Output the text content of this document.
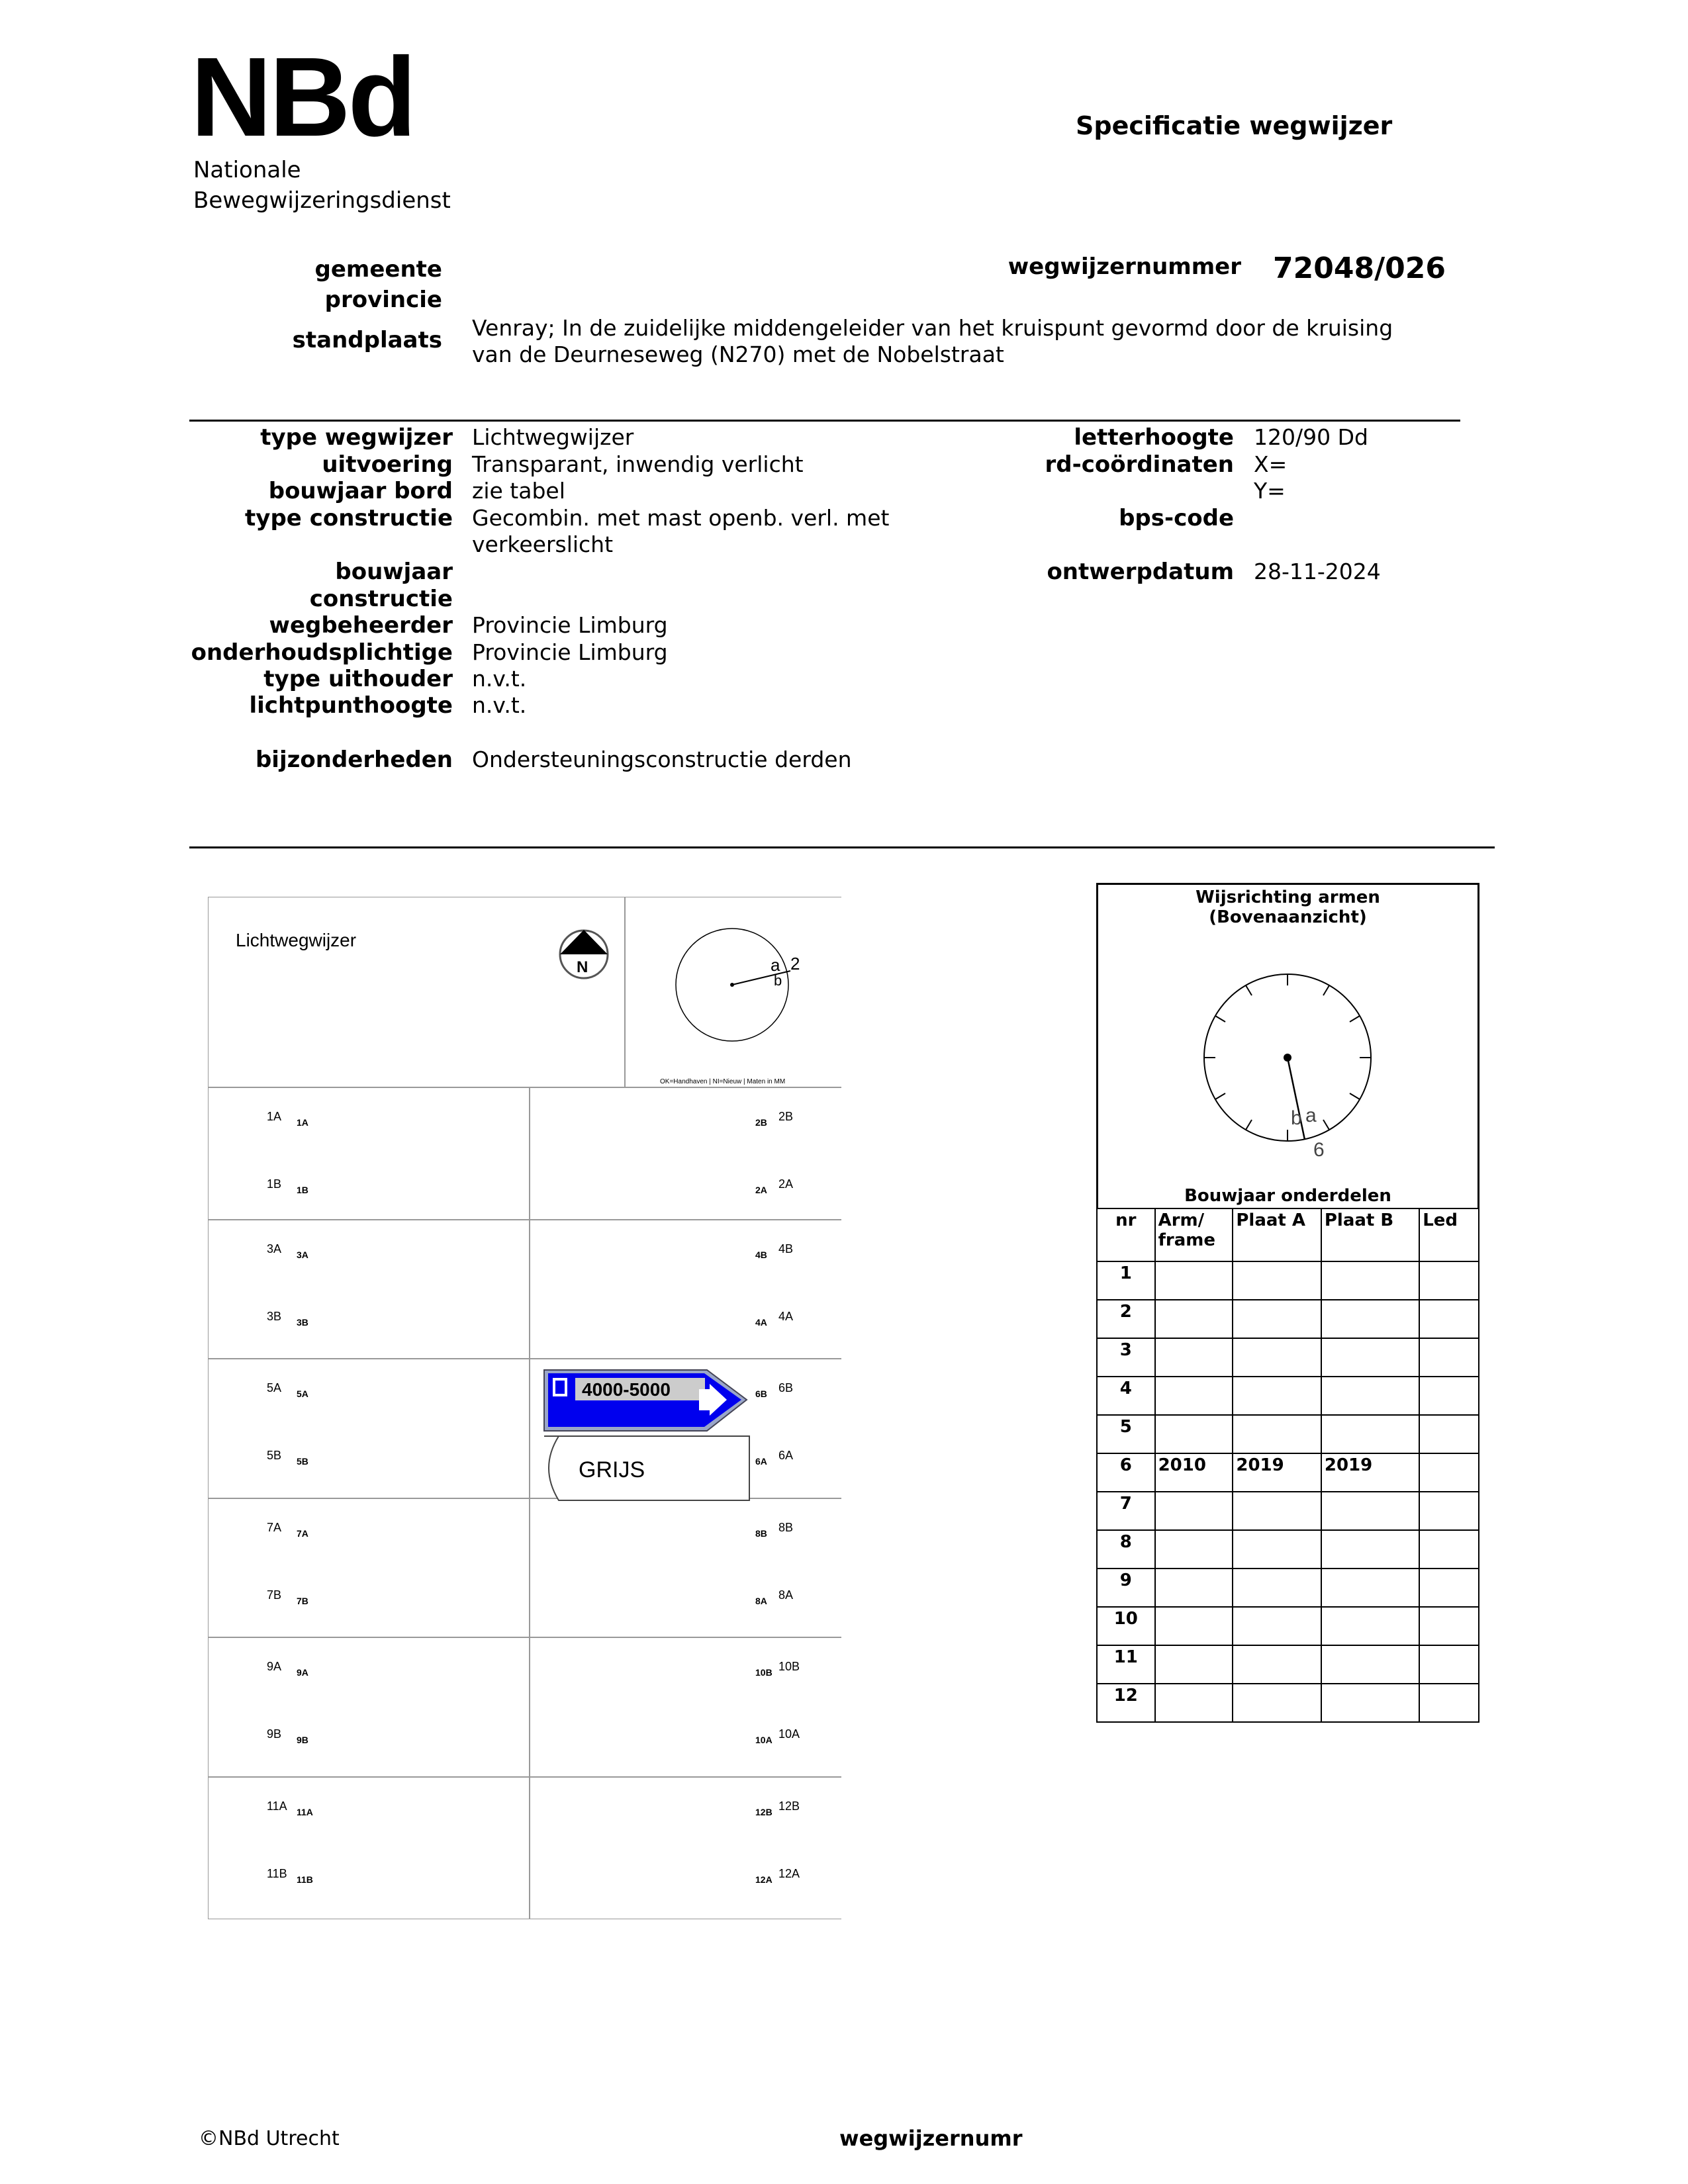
NBd
Nationale
Bewegwijzeringsdienst
Specificatie wegwijzer
gemeente
provincie
standplaats Venray; In de zuidelijke middengeleider van het kruispunt gevormd door de kruising
van de Deurneseweg (N270) met de Nobelstraat
wegwijzernummer 72048/026
type wegwijzer Lichtwegwijzer
uitvoering Transparant, inwendig verlicht
bouwjaar bord zie tabel
type constructie Gecombin. met mast openb. verl. met
verkeerslicht
bouwjaar
constructie
wegbeheerder Provincie Limburg
onderhoudsplichtige Provincie Limburg
type uithouder n.v.t.
lichtpunthoogte n.v.t.
bijzonderheden Ondersteuningsconstructie derden
letterhoogte 120/90 Dd
rd-coördinaten X=
Y=
bps-code
ontwerpdatum 28-11-2024
Lichtwegwijzer
N	a 2
b
OK=Handhaven | NI=Nieuw | Maten in MM
4000-5000
GRIJS
1A 1A
1B 1B
3A 3A
3B 3B
5A 5A
5B 5B
7A 7A
7B 7B
9A 9A
9B 9B
11A 11A
11B 11B
2B 2B
2A 2A
4B 4B
4A 4A
6B 6B
6A 6A
8B 8B
8A 8A
10B 10B
10A 10A
12B 12B
12A 12A
Wijsrichting armen
(Bovenaanzicht)
b a
6
Bouwjaar onderdelen
nr	Arm/
frame	Plaat A	Plaat B	Led
1				
2				
3				
4				
5				
6	2010	2019	2019	
7				
8				
9				
10				
11				
12				
©NBd Utrecht	wegwijzernumr
